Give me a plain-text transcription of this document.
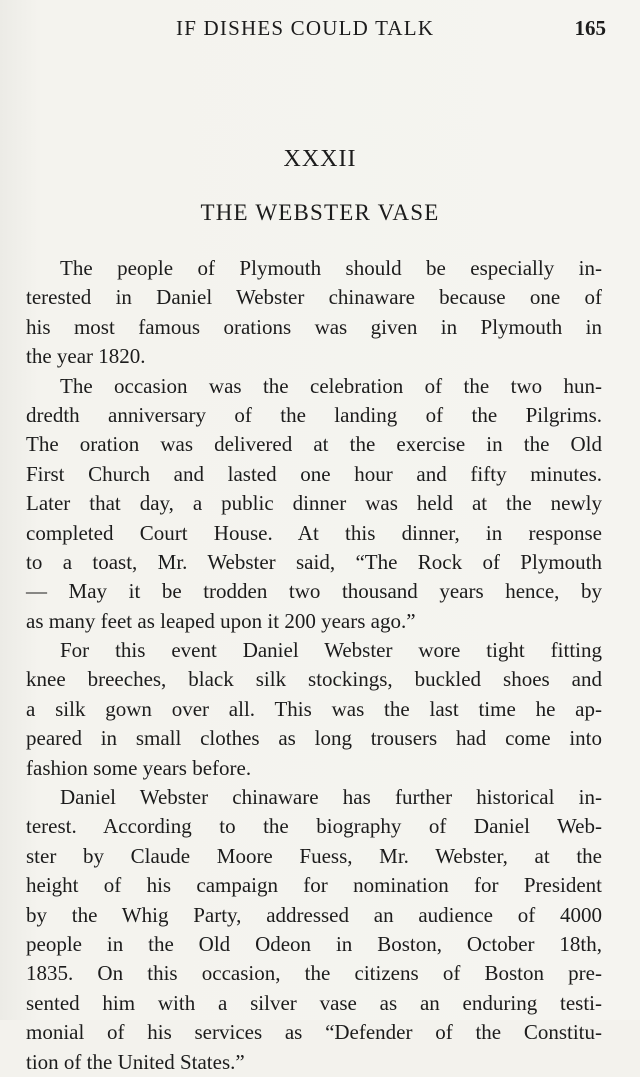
IF DISHES COULD TALK	165
XXXII
THE WEBSTER VASE
The people of Plymouth should be especially in-
terested in Daniel Webster chinaware because one of
his most famous orations was given in Plymouth in
the year 1820.
The occasion was the celebration of the two hun-
dredth anniversary of the landing of the Pilgrims.
The oration was delivered at the exercise in the Old
First Church and lasted one hour and fifty minutes.
Later that day, a public dinner was held at the newly
completed Court House. At this dinner, in response
to a toast, Mr. Webster said, “The Rock of Plymouth
— May it be trodden two thousand years hence, by
as many feet as leaped upon it 200 years ago.”
For this event Daniel Webster wore tight fitting
knee breeches, black silk stockings, buckled shoes and
a silk gown over all. This was the last time he ap-
peared in small clothes as long trousers had come into
fashion some years before.
Daniel Webster chinaware has further historical in-
terest. According to the biography of Daniel Web-
ster by Claude Moore Fuess, Mr. Webster, at the
height of his campaign for nomination for President
by the Whig Party, addressed an audience of 4000
people in the Old Odeon in Boston, October 18th,
1835. On this occasion, the citizens of Boston pre-
sented him with a silver vase as an enduring testi-
monial of his services as “Defender of the Constitu-
tion of the United States.”
